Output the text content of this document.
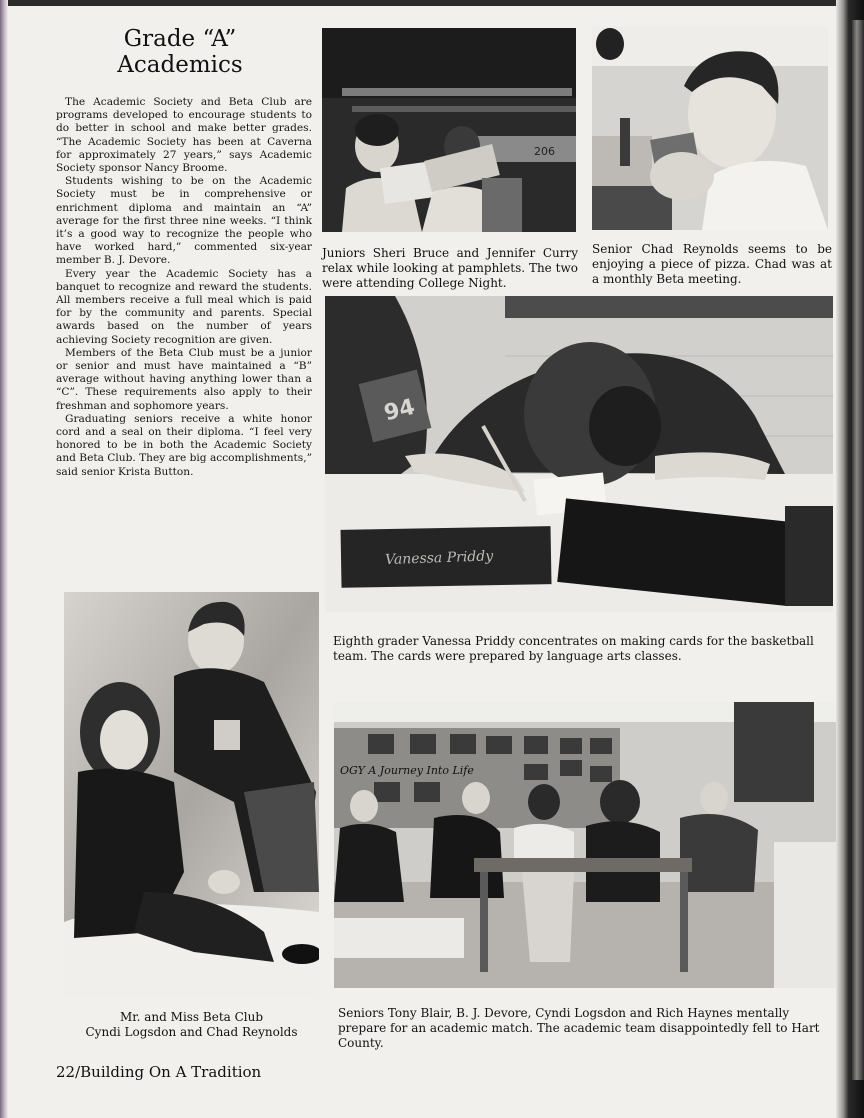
Grade “A”
Academics

The Academic Society and Beta Club are programs developed to encourage students to do better in school and make better grades. “The Academic Society has been at Caverna for approximately 27 years,” says Academic Society sponsor Nancy Broome.

Students wishing to be on the Academic Society must be in comprehensive or enrichment diploma and maintain an “A” average for the first three nine weeks. “I think it’s a good way to recognize the people who have worked hard,” commented six-year member B. J. Devore.

Every year the Academic Society has a banquet to recognize and reward the students. All members receive a full meal which is paid for by the community and parents. Special awards based on the number of years achieving Society recognition are given.

Members of the Beta Club must be a junior or senior and must have maintained a “B” average without having anything lower than a “C”. These requirements also apply to their freshman and sophomore years.

Graduating seniors receive a white honor cord and a seal on their diploma. “I feel very honored to be in both the Academic Society and Beta Club. They are big accomplishments,” said senior Krista Button.

206
Juniors Sheri Bruce and Jennifer Curry relax while looking at pamphlets. The two were attending College Night.
Senior Chad Reynolds seems to be enjoying a piece of pizza. Chad was at a monthly Beta meeting.
94
Vanessa Priddy
Eighth grader Vanessa Priddy concentrates on making cards for the basketball team. The cards were prepared by language arts classes.
Mr. and Miss Beta Club
Cyndi Logsdon and Chad Reynolds
OGY A Journey Into Life
Seniors Tony Blair, B. J. Devore, Cyndi Logsdon and Rich Haynes mentally prepare for an academic match. The academic team disappointedly fell to Hart County.
22/Building On A Tradition
